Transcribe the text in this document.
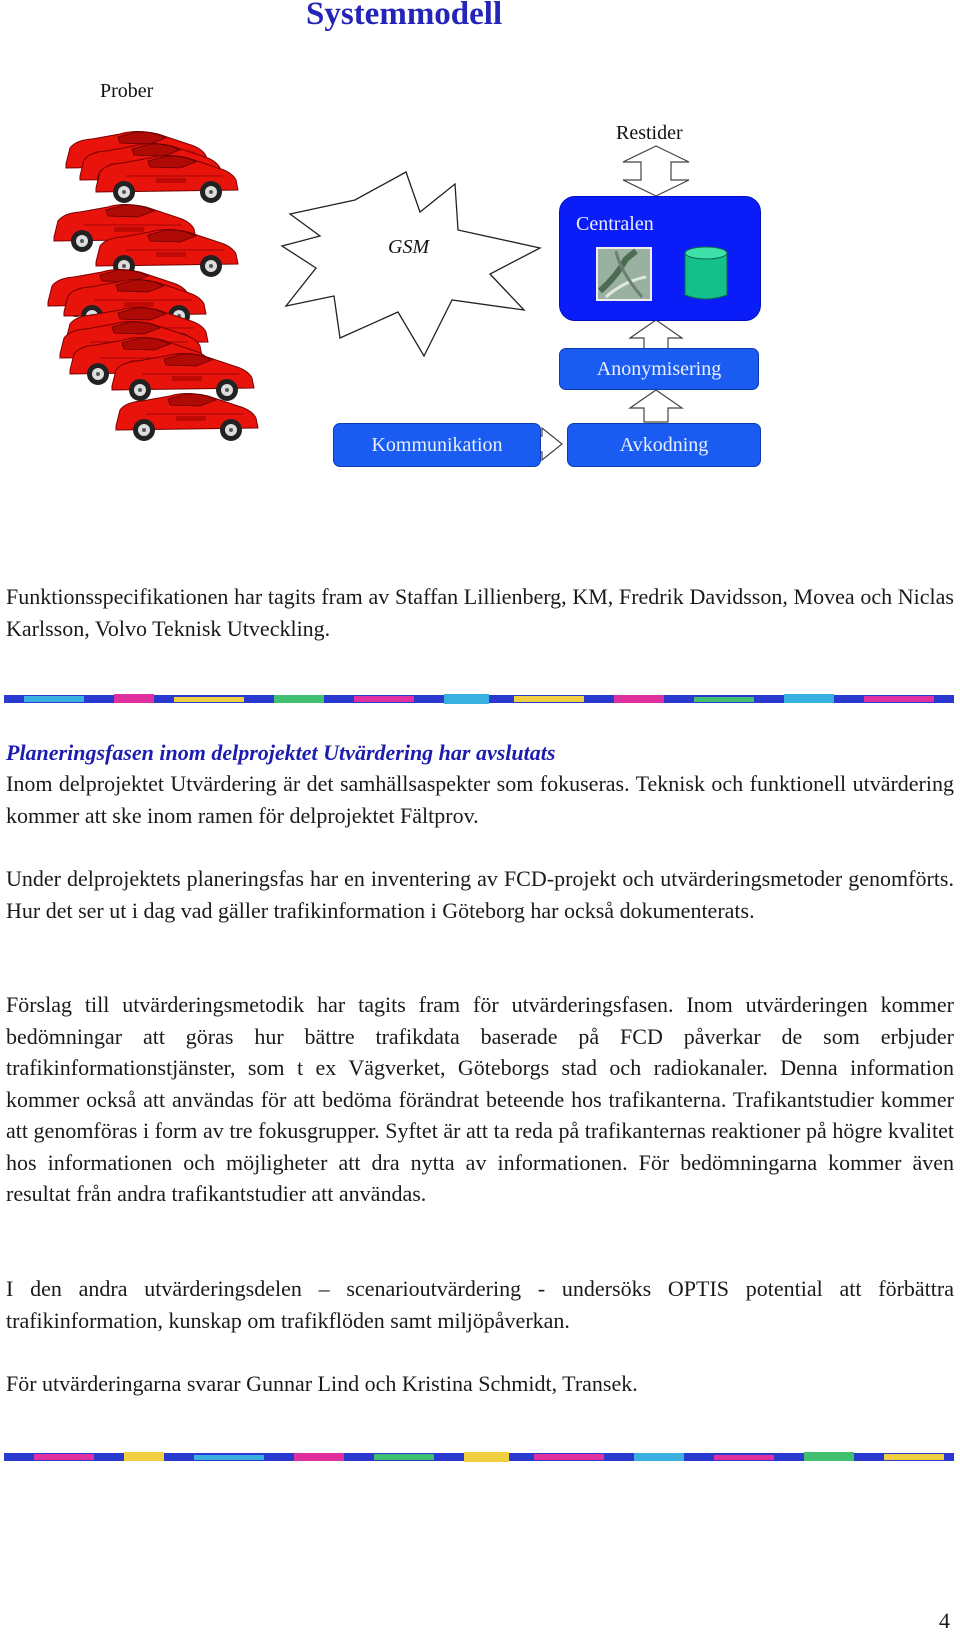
Systemmodell
Prober
Restider
GSM
Centralen
Anonymisering
Kommunikation	Avkodning

Funktionsspecifikationen har tagits fram av Staffan Lillienberg, KM, Fredrik Davidsson, Movea och Niclas Karlsson, Volvo Teknisk Utveckling.

Planeringsfasen inom delprojektet Utvärdering har avslutats

Inom delprojektet Utvärdering är det samhällsaspekter som fokuseras. Teknisk och funktionell utvärdering kommer att ske inom ramen för delprojektet Fältprov.

Under delprojektets planeringsfas har en inventering av FCD-projekt och utvärderingsmetoder genomförts. Hur det ser ut i dag vad gäller trafikinformation i Göteborg har också dokumenterats.

Förslag till utvärderingsmetodik har tagits fram för utvärderingsfasen. Inom utvärderingen kommer bedömningar att göras hur bättre trafikdata baserade på FCD påverkar de som erbjuder trafikinformationstjänster, som t ex Vägverket, Göteborgs stad och radiokanaler. Denna information kommer också att användas för att bedöma förändrat beteende hos trafikanterna. Trafikantstudier kommer att genomföras i form av tre fokusgrupper. Syftet är att ta reda på trafikanternas reaktioner på högre kvalitet hos informationen och möjligheter att dra nytta av informationen. För bedömningarna kommer även resultat från andra trafikantstudier att användas.

I den andra utvärderingsdelen – scenarioutvärdering - undersöks OPTIS potential att förbättra trafikinformation, kunskap om trafikflöden samt miljöpåverkan.

För utvärderingarna svarar Gunnar Lind och Kristina Schmidt, Transek.

4
